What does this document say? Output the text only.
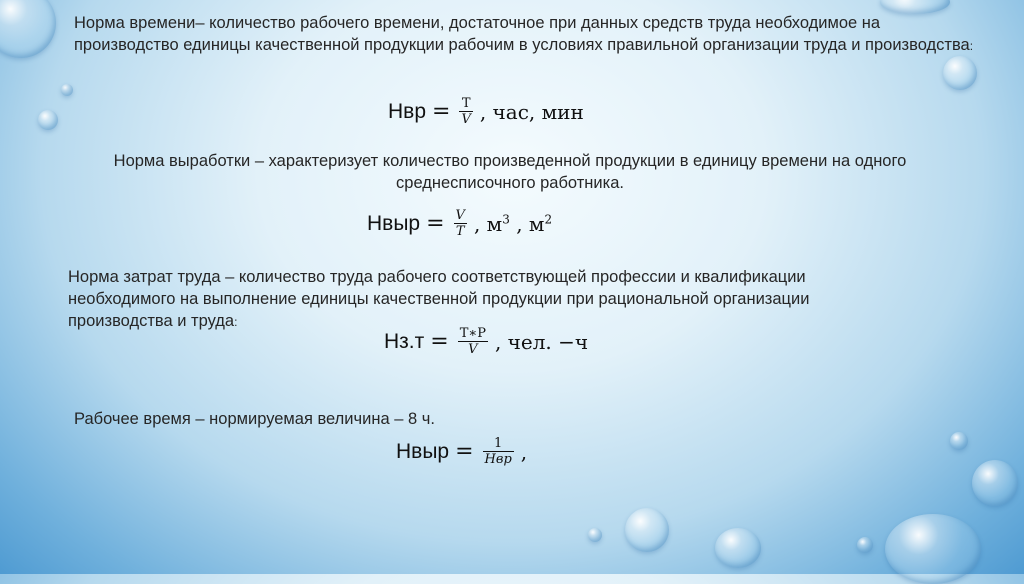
Норма времени– количество рабочего времени, достаточное при данных средств труда необходимое на производство единицы качественной продукции рабочим в условиях правильной организации труда и производства:
Нвр = $\frac{Т}{V}$ , час, мин
Норма выработки – характеризует количество произведенной продукции в единицу времени на одного
среднесписочного работника.
Нвыр = $\frac{V}{T}$ , $м^3$ , $м^2$
Норма затрат труда – количество труда рабочего соответствующей профессии и квалификации необходимого на выполнение единицы качественной продукции при рациональной организации производства и труда:
$Нз.т = \frac{Т∗P}{V}$ , чел. −ч
Рабочее время – нормируемая величина – 8 ч.
Нвыр = $\frac{1}{\text{Нвр}}$ ,
